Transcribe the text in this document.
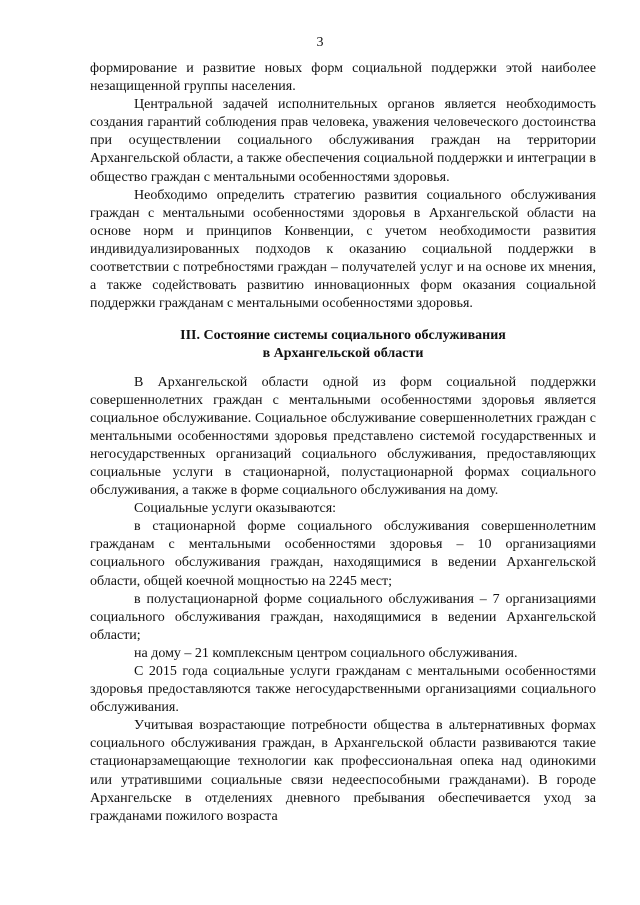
3

формирование и развитие новых форм социальной поддержки этой наиболее незащищенной группы населения.

Центральной задачей исполнительных органов является необходимость создания гарантий соблюдения прав человека, уважения человеческого достоинства при осуществлении социального обслуживания граждан на территории Архангельской области, а также обеспечения социальной поддержки и интеграции в общество граждан с ментальными особенностями здоровья.

Необходимо определить стратегию развития социального обслуживания граждан с ментальными особенностями здоровья в Архангельской области на основе норм и принципов Конвенции, с учетом необходимости развития индивидуализированных подходов к оказанию социальной поддержки в соответствии с потребностями граждан – получателей услуг и на основе их мнения, а также содействовать развитию инновационных форм оказания социальной поддержки гражданам с ментальными особенностями здоровья.

III. Состояние системы социального обслуживания

в Архангельской области

В Архангельской области одной из форм социальной поддержки совершеннолетних граждан с ментальными особенностями здоровья является социальное обслуживание. Социальное обслуживание совершеннолетних граждан с ментальными особенностями здоровья представлено системой государственных и негосударственных организаций социального обслуживания, предоставляющих социальные услуги в стационарной, полустационарной формах социального обслуживания, а также в форме социального обслуживания на дому.

Социальные услуги оказываются:

в стационарной форме социального обслуживания совершеннолетним гражданам с ментальными особенностями здоровья – 10 организациями социального обслуживания граждан, находящимися в ведении Архангельской области, общей коечной мощностью на 2245 мест;

в полустационарной форме социального обслуживания – 7 организациями социального обслуживания граждан, находящимися в ведении Архангельской области;

на дому – 21 комплексным центром социального обслуживания.

С 2015 года социальные услуги гражданам с ментальными особенностями здоровья предоставляются также негосударственными организациями социального обслуживания.

Учитывая возрастающие потребности общества в альтернативных формах социального обслуживания граждан, в Архангельской области развиваются такие стационарзамещающие технологии как профессиональная опека над одинокими или утратившими социальные связи недееспособными гражданами). В городе Архангельске в отделениях дневного пребывания обеспечивается уход за гражданами пожилого возраста
